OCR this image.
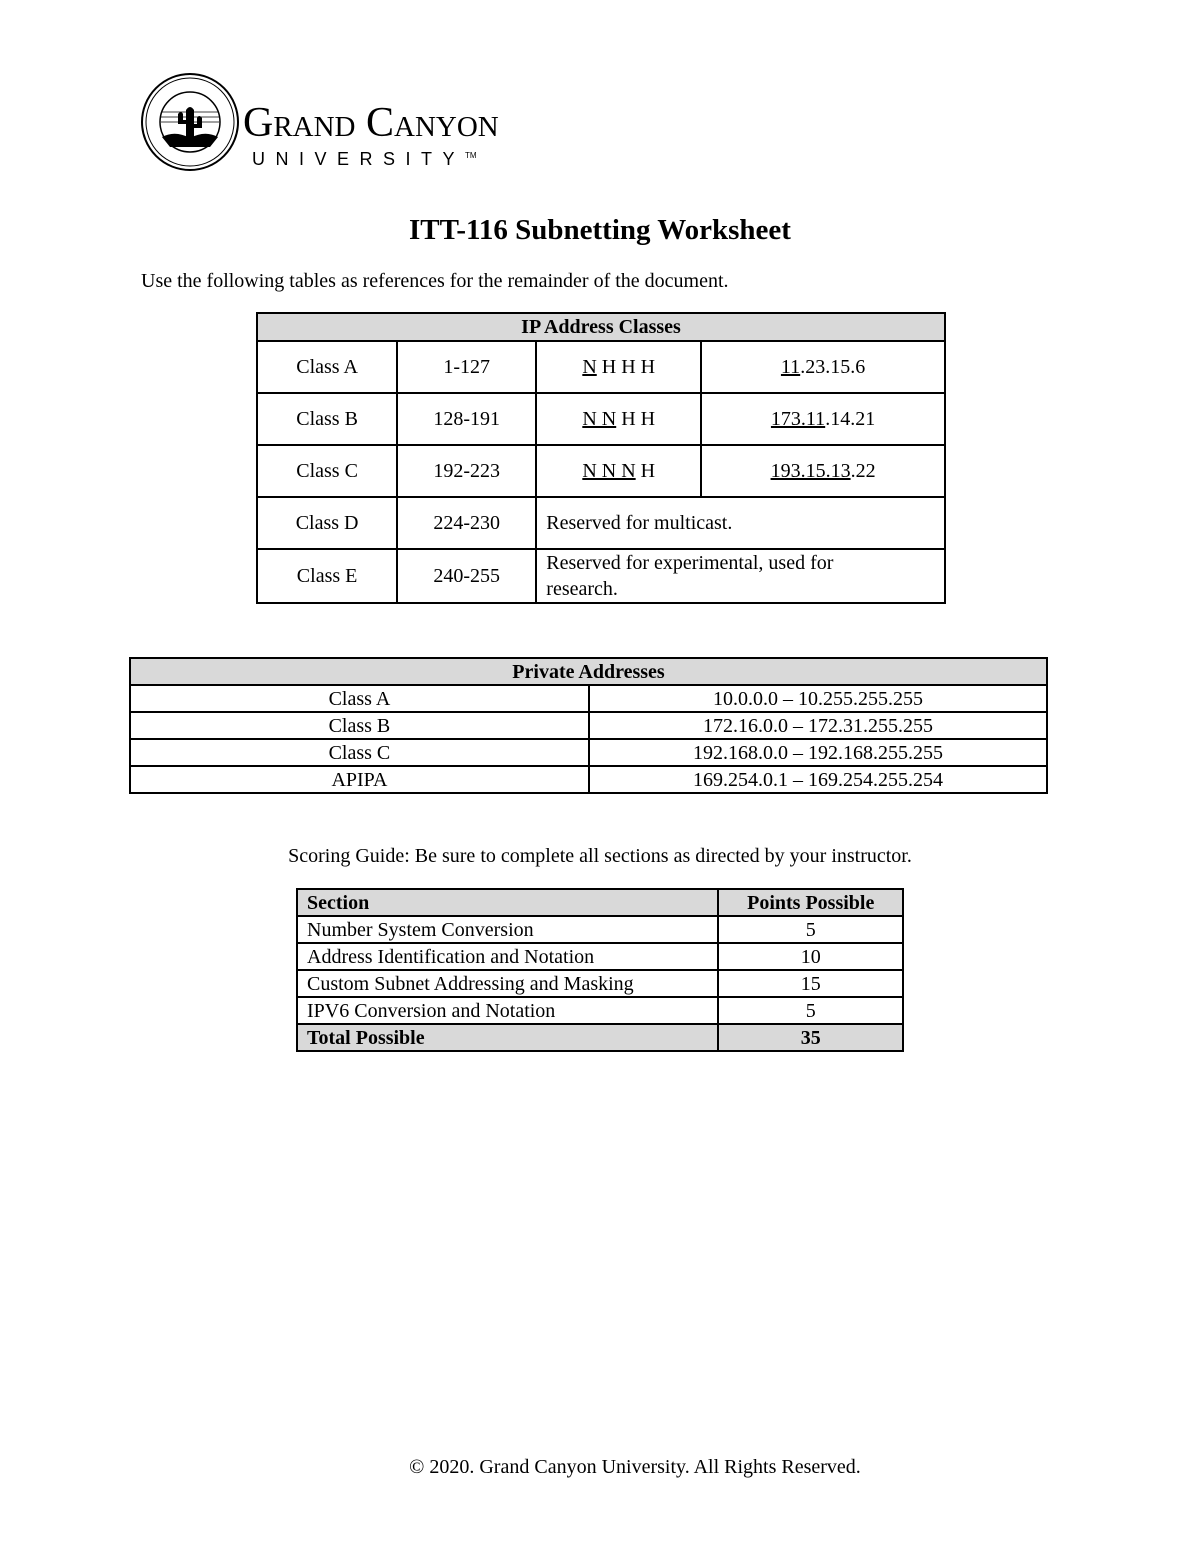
Grand Canyon
UNIVERSITY™
ITT-116 Subnetting Worksheet
Use the following tables as references for the remainder of the document.
IP Address Classes			
Class A	1-127	N H H H	11.23.15.6
Class B	128-191	N N H H	173.11.14.21
Class C	192-223	N N N H	193.15.13.22
Class D	224-230	Reserved for multicast.	
Class E	240-255	Reserved for experimental, used for research.	
Private Addresses	
Class A	10.0.0.0 – 10.255.255.255
Class B	172.16.0.0 – 172.31.255.255
Class C	192.168.0.0 – 192.168.255.255
APIPA	169.254.0.1 – 169.254.255.254
Scoring Guide: Be sure to complete all sections as directed by your instructor.
Section	Points Possible
Number System Conversion	5
Address Identification and Notation	10
Custom Subnet Addressing and Masking	15
IPV6 Conversion and Notation	5
Total Possible	35
© 2020. Grand Canyon University. All Rights Reserved.
